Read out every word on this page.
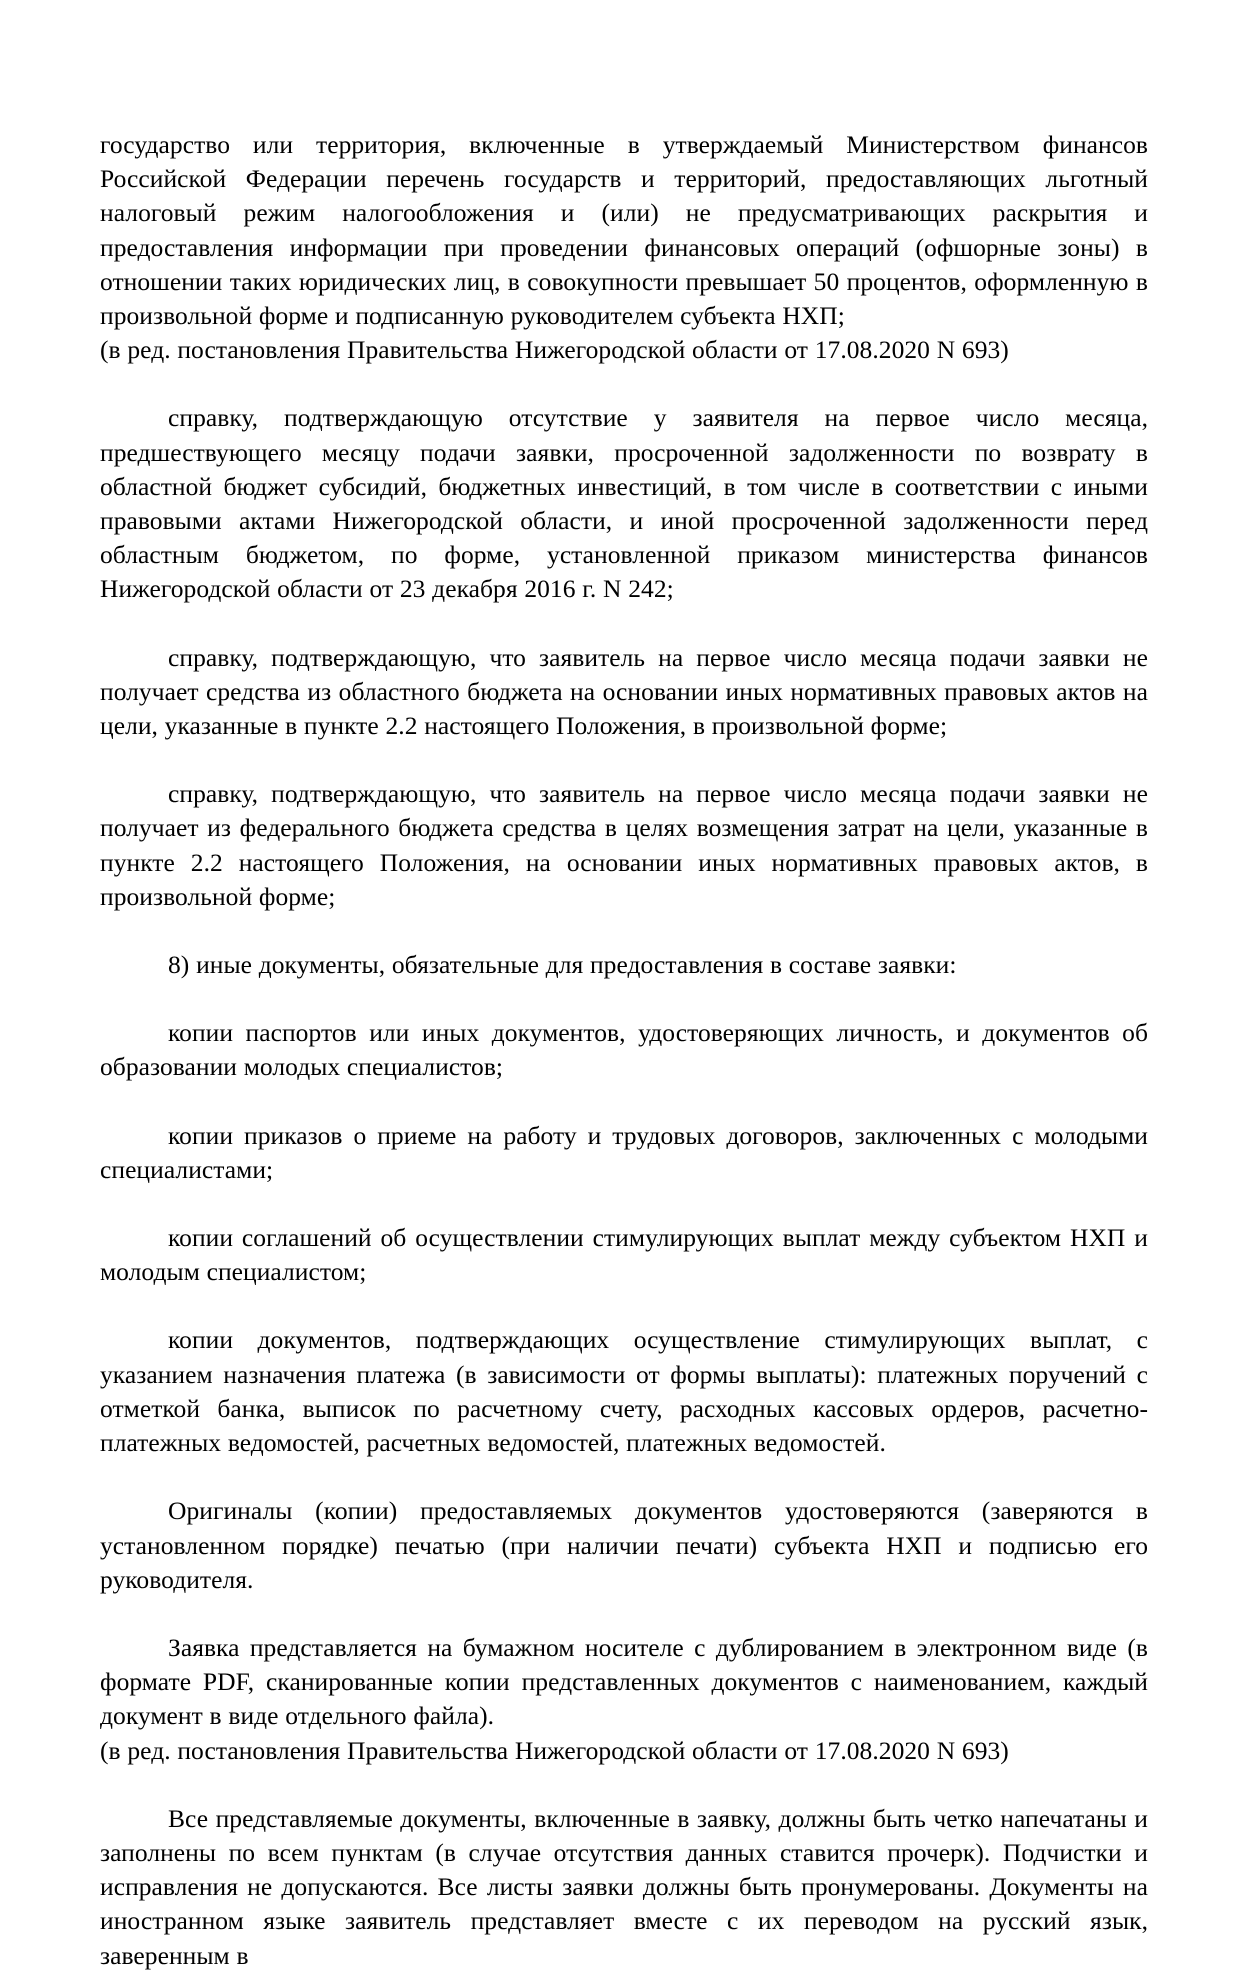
государство или территория, включенные в утверждаемый Министерством финансов Российской Федерации перечень государств и территорий, предоставляющих льготный налоговый режим налогообложения и (или) не предусматривающих раскрытия и предоставления информации при проведении финансовых операций (офшорные зоны) в отношении таких юридических лиц, в совокупности превышает 50 процентов, оформленную в произвольной форме и подписанную руководителем субъекта НХП;

(в ред. постановления Правительства Нижегородской области от 17.08.2020 N 693)

справку, подтверждающую отсутствие у заявителя на первое число месяца, предшествующего месяцу подачи заявки, просроченной задолженности по возврату в областной бюджет субсидий, бюджетных инвестиций, в том числе в соответствии с иными правовыми актами Нижегородской области, и иной просроченной задолженности перед областным бюджетом, по форме, установленной приказом министерства финансов Нижегородской области от 23 декабря 2016 г. N 242;

справку, подтверждающую, что заявитель на первое число месяца подачи заявки не получает средства из областного бюджета на основании иных нормативных правовых актов на цели, указанные в пункте 2.2 настоящего Положения, в произвольной форме;

справку, подтверждающую, что заявитель на первое число месяца подачи заявки не получает из федерального бюджета средства в целях возмещения затрат на цели, указанные в пункте 2.2 настоящего Положения, на основании иных нормативных правовых актов, в произвольной форме;

8) иные документы, обязательные для предоставления в составе заявки:

копии паспортов или иных документов, удостоверяющих личность, и документов об образовании молодых специалистов;

копии приказов о приеме на работу и трудовых договоров, заключенных с молодыми специалистами;

копии соглашений об осуществлении стимулирующих выплат между субъектом НХП и молодым специалистом;

копии документов, подтверждающих осуществление стимулирующих выплат, с указанием назначения платежа (в зависимости от формы выплаты): платежных поручений с отметкой банка, выписок по расчетному счету, расходных кассовых ордеров, расчетно-платежных ведомостей, расчетных ведомостей, платежных ведомостей.

Оригиналы (копии) предоставляемых документов удостоверяются (заверяются в установленном порядке) печатью (при наличии печати) субъекта НХП и подписью его руководителя.

Заявка представляется на бумажном носителе с дублированием в электронном виде (в формате PDF, сканированные копии представленных документов с наименованием, каждый документ в виде отдельного файла).

(в ред. постановления Правительства Нижегородской области от 17.08.2020 N 693)

Все представляемые документы, включенные в заявку, должны быть четко напечатаны и заполнены по всем пунктам (в случае отсутствия данных ставится прочерк). Подчистки и исправления не допускаются. Все листы заявки должны быть пронумерованы. Документы на иностранном языке заявитель представляет вместе с их переводом на русский язык, заверенным в
